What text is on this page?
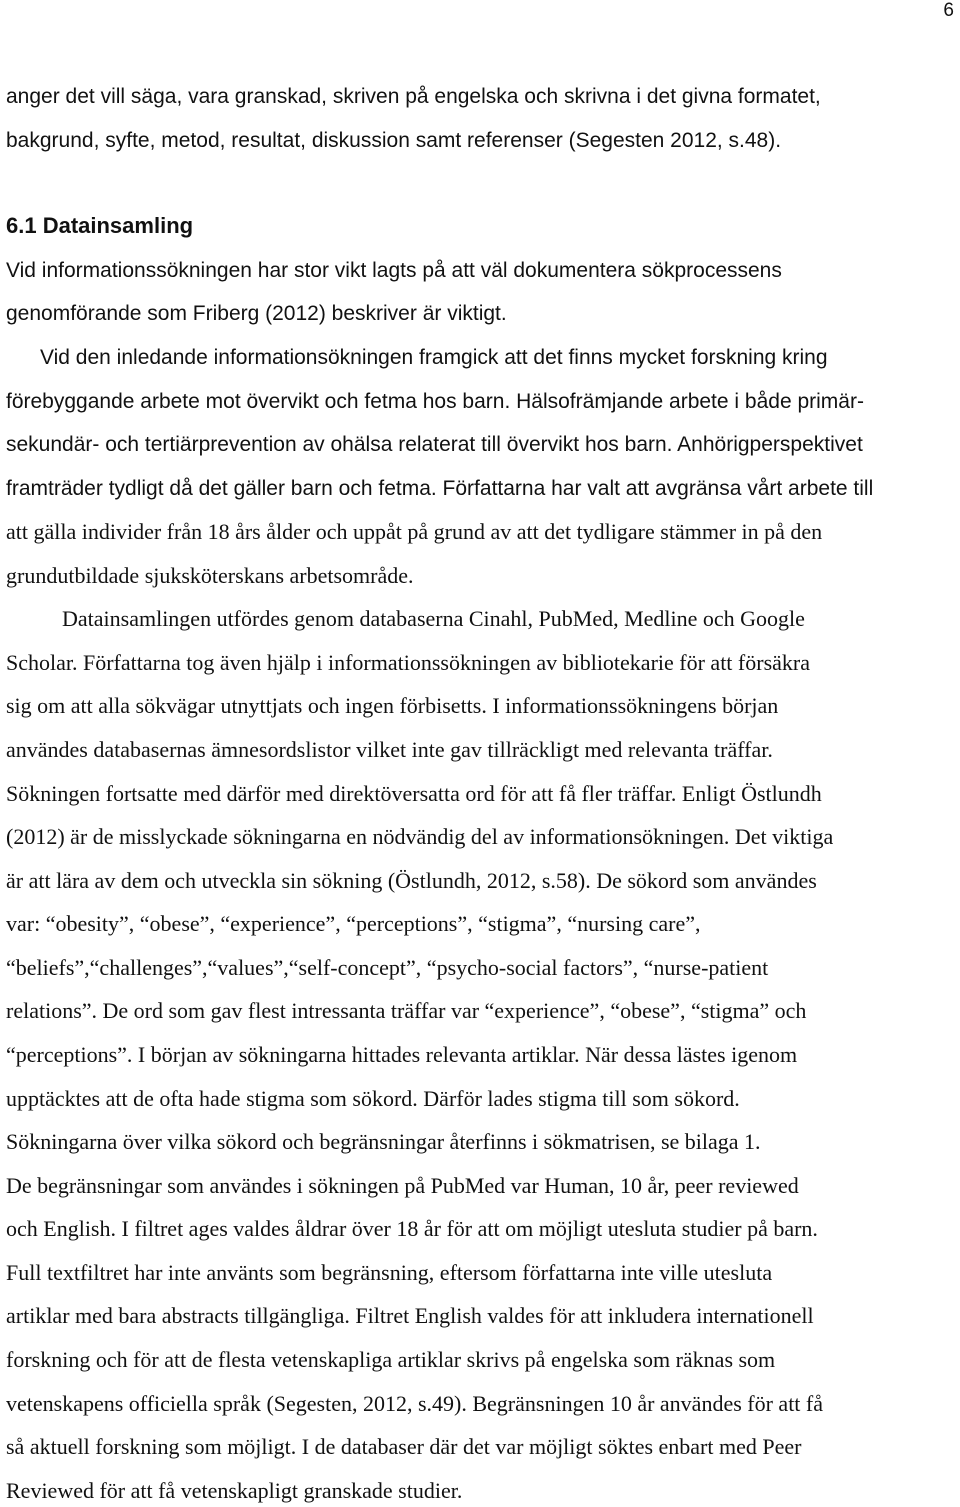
6
anger det vill säga, vara granskad, skriven på engelska och skrivna i det givna formatet,
bakgrund, syfte, metod, resultat, diskussion samt referenser (Segesten 2012, s.48).
6.1 Datainsamling
Vid informationssökningen har stor vikt lagts på att väl dokumentera sökprocessens
genomförande som Friberg (2012) beskriver är viktigt.
Vid den inledande informationsökningen framgick att det finns mycket forskning kring
förebyggande arbete mot övervikt och fetma hos barn. Hälsofrämjande arbete i både primär-
sekundär- och tertiärprevention av ohälsa relaterat till övervikt hos barn. Anhörigperspektivet
framträder tydligt då det gäller barn och fetma. Författarna har valt att avgränsa vårt arbete till
att gälla individer från 18 års ålder och uppåt på grund av att det tydligare stämmer in på den
grundutbildade sjuksköterskans arbetsområde.
Datainsamlingen utfördes genom databaserna Cinahl, PubMed, Medline och Google
Scholar. Författarna tog även hjälp i informationssökningen av bibliotekarie för att försäkra
sig om att alla sökvägar utnyttjats och ingen förbisetts. I informationssökningens början
användes databasernas ämnesordslistor vilket inte gav tillräckligt med relevanta träffar.
Sökningen fortsatte med därför med direktöversatta ord för att få fler träffar. Enligt Östlundh
(2012) är de misslyckade sökningarna en nödvändig del av informationsökningen. Det viktiga
är att lära av dem och utveckla sin sökning (Östlundh, 2012, s.58). De sökord som användes
var: “obesity”, “obese”, “experience”, “perceptions”, “stigma”, “nursing care”,
“beliefs”,“challenges”,“values”,“self-concept”, “psycho-social factors”, “nurse-patient
relations”. De ord som gav flest intressanta träffar var “experience”, “obese”, “stigma” och
“perceptions”. I början av sökningarna hittades relevanta artiklar. När dessa lästes igenom
upptäcktes att de ofta hade stigma som sökord. Därför lades stigma till som sökord.
Sökningarna över vilka sökord och begränsningar återfinns i sökmatrisen, se bilaga 1.
De begränsningar som användes i sökningen på PubMed var Human, 10 år, peer reviewed
och English. I filtret ages valdes åldrar över 18 år för att om möjligt utesluta studier på barn.
Full textfiltret har inte använts som begränsning, eftersom författarna inte ville utesluta
artiklar med bara abstracts tillgängliga. Filtret English valdes för att inkludera internationell
forskning och för att de flesta vetenskapliga artiklar skrivs på engelska som räknas som
vetenskapens officiella språk (Segesten, 2012, s.49). Begränsningen 10 år användes för att få
så aktuell forskning som möjligt. I de databaser där det var möjligt söktes enbart med Peer
Reviewed för att få vetenskapligt granskade studier.
